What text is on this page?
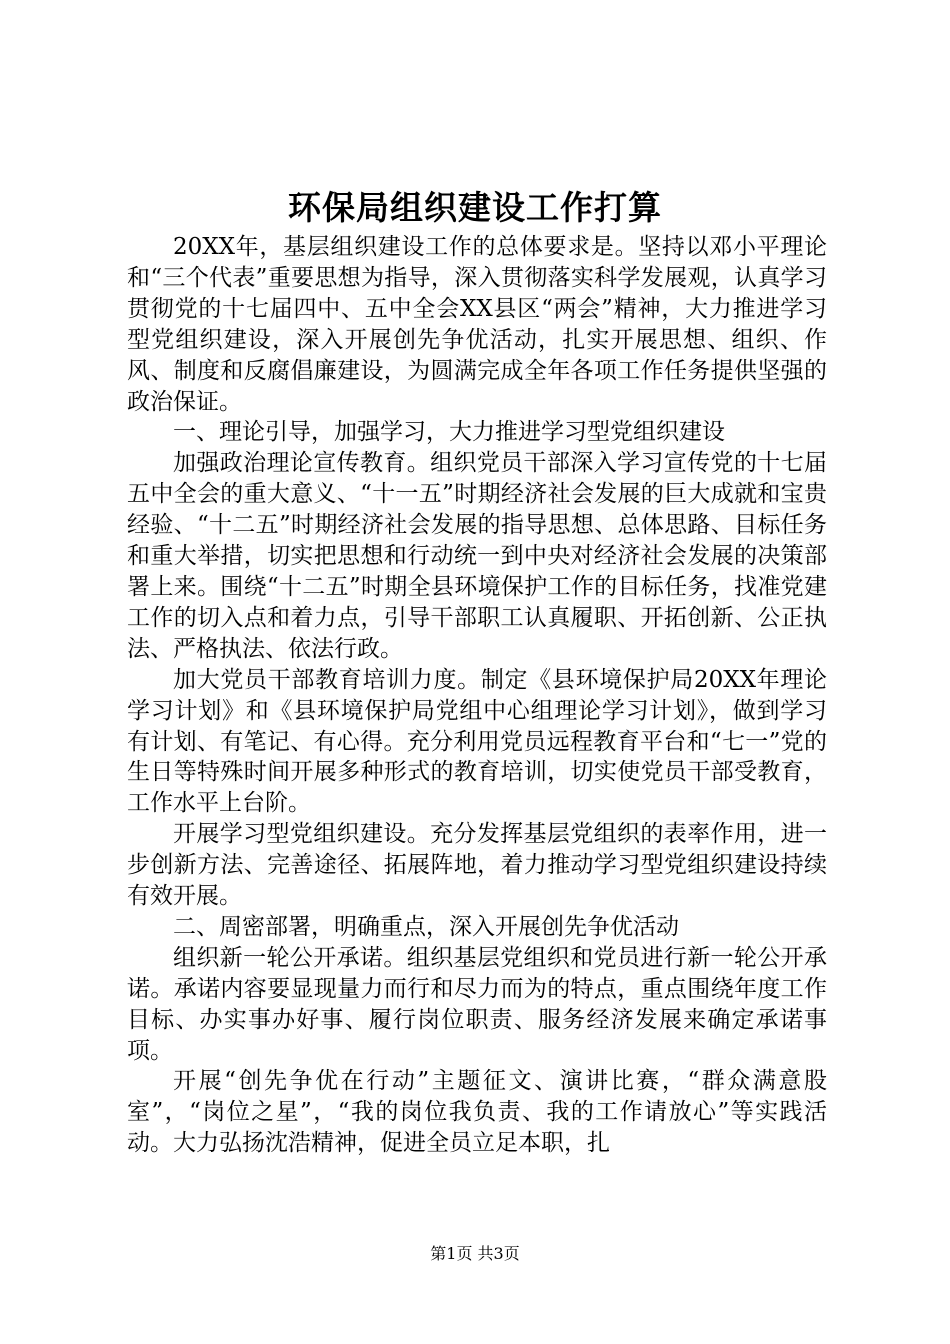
环保局组织建设工作打算

20XX年，基层组织建设工作的总体要求是。坚持以邓小平理论和“三个代表”重要思想为指导，深入贯彻落实科学发展观，认真学习贯彻党的十七届四中、五中全会XX县区“两会”精神，大力推进学习型党组织建设，深入开展创先争优活动，扎实开展思想、组织、作风、制度和反腐倡廉建设，为圆满完成全年各项工作任务提供坚强的政治保证。

一、理论引导，加强学习，大力推进学习型党组织建设

加强政治理论宣传教育。组织党员干部深入学习宣传党的十七届五中全会的重大意义、“十一五”时期经济社会发展的巨大成就和宝贵经验、“十二五”时期经济社会发展的指导思想、总体思路、目标任务和重大举措，切实把思想和行动统一到中央对经济社会发展的决策部署上来。围绕“十二五”时期全县环境保护工作的目标任务，找准党建工作的切入点和着力点，引导干部职工认真履职、开拓创新、公正执法、严格执法、依法行政。

加大党员干部教育培训力度。制定《县环境保护局20XX年理论学习计划》和《县环境保护局党组中心组理论学习计划》，做到学习有计划、有笔记、有心得。充分利用党员远程教育平台和“七一”党的生日等特殊时间开展多种形式的教育培训，切实使党员干部受教育，工作水平上台阶。

开展学习型党组织建设。充分发挥基层党组织的表率作用，进一步创新方法、完善途径、拓展阵地，着力推动学习型党组织建设持续有效开展。

二、周密部署，明确重点，深入开展创先争优活动

组织新一轮公开承诺。组织基层党组织和党员进行新一轮公开承诺。承诺内容要显现量力而行和尽力而为的特点，重点围绕年度工作目标、办实事办好事、履行岗位职责、服务经济发展来确定承诺事项。

开展“创先争优在行动”主题征文、演讲比赛，“群众满意股室”，“岗位之星”，“我的岗位我负责、我的工作请放心”等实践活动。大力弘扬沈浩精神，促进全员立足本职，扎

第1页 共3页
